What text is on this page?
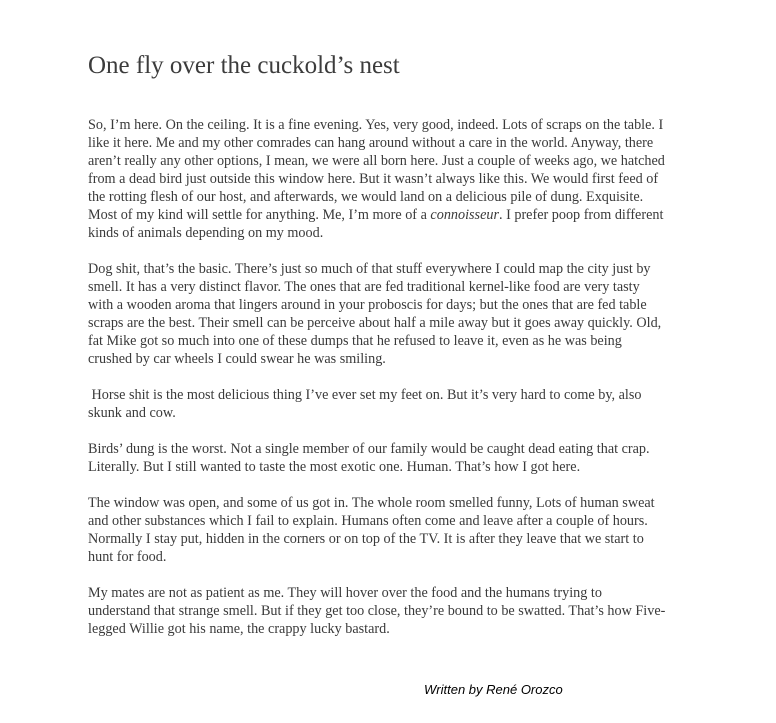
One fly over the cuckold’s nest

So, I’m here. On the ceiling. It is a fine evening. Yes, very good, indeed. Lots of scraps on the table. I
like it here. Me and my other comrades can hang around without a care in the world. Anyway, there
aren’t really any other options, I mean, we were all born here. Just a couple of weeks ago, we hatched
from a dead bird just outside this window here. But it wasn’t always like this. We would first feed of
the rotting flesh of our host, and afterwards, we would land on a delicious pile of dung. Exquisite.
Most of my kind will settle for anything. Me, I’m more of a connoisseur. I prefer poop from different
kinds of animals depending on my mood.

Dog shit, that’s the basic. There’s just so much of that stuff everywhere I could map the city just by
smell. It has a very distinct flavor. The ones that are fed traditional kernel-like food are very tasty
with a wooden aroma that lingers around in your proboscis for days; but the ones that are fed table
scraps are the best. Their smell can be perceive about half a mile away but it goes away quickly. Old,
fat Mike got so much into one of these dumps that he refused to leave it, even as he was being
crushed by car wheels I could swear he was smiling.

Horse shit is the most delicious thing I’ve ever set my feet on. But it’s very hard to come by, also
skunk and cow.

Birds’ dung is the worst. Not a single member of our family would be caught dead eating that crap.
Literally. But I still wanted to taste the most exotic one. Human. That’s how I got here.

The window was open, and some of us got in. The whole room smelled funny, Lots of human sweat
and other substances which I fail to explain. Humans often come and leave after a couple of hours.
Normally I stay put, hidden in the corners or on top of the TV. It is after they leave that we start to
hunt for food.

My mates are not as patient as me. They will hover over the food and the humans trying to
understand that strange smell. But if they get too close, they’re bound to be swatted. That’s how Five-
legged Willie got his name, the crappy lucky bastard.

Written by René Orozco
